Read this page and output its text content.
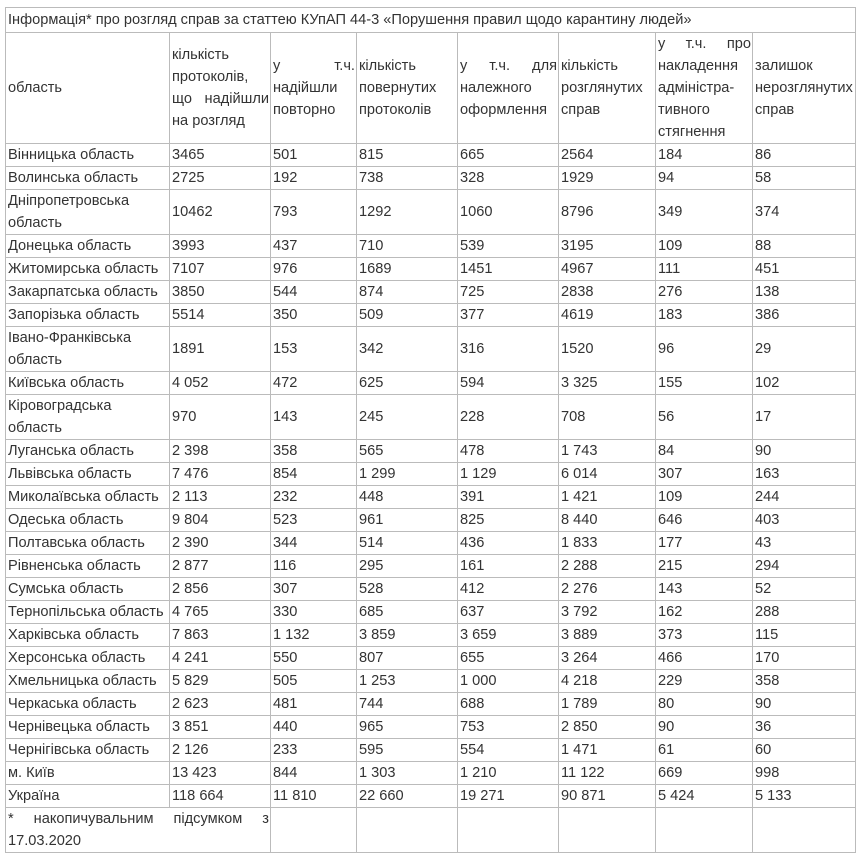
Інформація* про розгляд справ за статтею КУпАП 44-3 «Порушення правил щодо карантину людей»							
область	кількість протоколів, що надійшли на розгляд	у т.ч. надійшли повторно	кількість повернутих протоколів	у т.ч. для належного оформлення	кількість розглянутих справ	у т.ч. про накладення адміністра-тивного стягнення	залишок нерозглянутих справ
Вінницька область	3465	501	815	665	2564	184	86
Волинська область	2725	192	738	328	1929	94	58
Дніпропетровська область	10462	793	1292	1060	8796	349	374
Донецька область	3993	437	710	539	3195	109	88
Житомирська область	7107	976	1689	1451	4967	111	451
Закарпатська область	3850	544	874	725	2838	276	138
Запорізька область	5514	350	509	377	4619	183	386
Івано-Франківська область	1891	153	342	316	1520	96	29
Київська область	4 052	472	625	594	3 325	155	102
Кіровоградська область	970	143	245	228	708	56	17
Луганська область	2 398	358	565	478	1 743	84	90
Львівська область	7 476	854	1 299	1 129	6 014	307	163
Миколаївська область	2 113	232	448	391	1 421	109	244
Одеська область	9 804	523	961	825	8 440	646	403
Полтавська область	2 390	344	514	436	1 833	177	43
Рівненська область	2 877	116	295	161	2 288	215	294
Сумська область	2 856	307	528	412	2 276	143	52
Тернопільська область	4 765	330	685	637	3 792	162	288
Харківська область	7 863	1 132	3 859	3 659	3 889	373	115
Херсонська область	4 241	550	807	655	3 264	466	170
Хмельницька область	5 829	505	1 253	1 000	4 218	229	358
Черкаська область	2 623	481	744	688	1 789	80	90
Чернівецька область	3 851	440	965	753	2 850	90	36
Чернігівська область	2 126	233	595	554	1 471	61	60
м. Київ	13 423	844	1 303	1 210	11 122	669	998
Україна	118 664	11 810	22 660	19 271	90 871	5 424	5 133
* накопичувальним підсумком з 17.03.2020							
